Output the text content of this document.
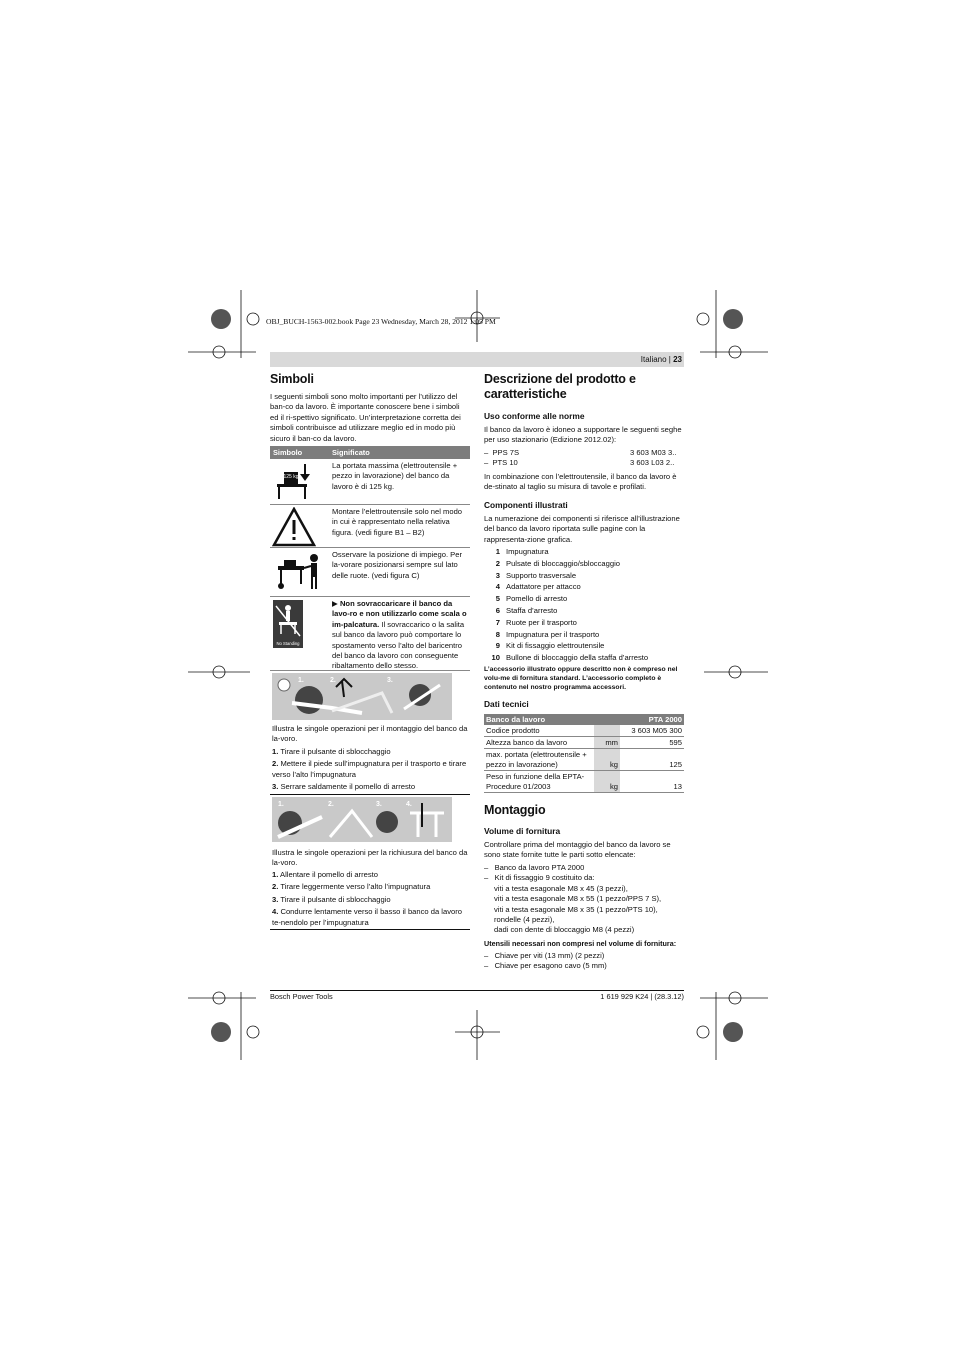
OBJ_BUCH-1563-002.book Page 23 Wednesday, March 28, 2012 1:05 PM
Italiano | 23
Simboli

I seguenti simboli sono molto importanti per l’utilizzo del ban-co da lavoro. È importante conoscere bene i simboli ed il ri-spettivo significato. Un’interpretazione corretta dei simboli contribuisce ad utilizzare meglio ed in modo più sicuro il ban-co da lavoro.

Simbolo	Significato
125 kg

La portata massima (elettroutensile + pezzo in lavorazione) del banco da lavoro è di 125 kg.

Montare l’elettroutensile solo nel modo in cui è rappresentato nella relativa figura. (vedi figure B1 – B2)

Osservare la posizione di impiego. Per la-vorare posizionarsi sempre sul lato delle ruote. (vedi figura C)

No Standing
▶ Non sovraccaricare il banco da lavo-ro e non utilizzarlo come scala o im-palcatura. Il sovraccarico o la salita sul banco da lavoro può comportare lo spostamento verso l’alto del baricentro del banco da lavoro con conseguente ribaltamento dello stesso.
1.	2.	3.

Illustra le singole operazioni per il montaggio del banco da la-voro.

1. Tirare il pulsante di sblocchaggio
2. Mettere il piede sull’impugnatura per il trasporto e tirare verso l’alto l’impugnatura
3. Serrare saldamente il pomello di arresto
1.	2.	3.	4.

Illustra le singole operazioni per la richiusura del banco da la-voro.

1. Allentare il pomello di arresto
2. Tirare leggermente verso l’alto l’impugnatura
3. Tirare il pulsante di sblocchaggio
4. Condurre lentamente verso il basso il banco da lavoro te-nendolo per l’impugnatura
Descrizione del prodotto e caratteristiche
Uso conforme alle norme

Il banco da lavoro è idoneo a supportare le seguenti seghe per uso stazionario (Edizione 2012.02):

–  PPS 7S	3 603 M03 3..
–  PTS 10	3 603 L03 2..

In combinazione con l’elettroutensile, il banco da lavoro è de-stinato al taglio su misura di tavole e profilati.

Componenti illustrati

La numerazione dei componenti si riferisce all’illustrazione del banco da lavoro riportata sulle pagine con la rappresenta-zione grafica.

1 Impugnatura
2 Pulsate di bloccaggio/sbloccaggio
3 Supporto trasversale
4 Adattatore per attacco
5 Pomello di arresto
6 Staffa d’arresto
7 Ruote per il trasporto
8 Impugnatura per il trasporto
9 Kit di fissaggio elettroutensile
10 Bullone di bloccaggio della staffa d’arresto

L’accessorio illustrato oppure descritto non è compreso nel volu-me di fornitura standard. L’accessorio completo è contenuto nel nostro programma accessori.

Dati tecnici
Banco da lavoro		PTA 2000
Codice prodotto		3 603 M05 300
Altezza banco da lavoro	mm	595
max. portata (elettroutensile + pezzo in lavorazione)	kg	125
Peso in funzione della EPTA-Procedure 01/2003	kg	13
Montaggio
Volume di fornitura

Controllare prima del montaggio del banco da lavoro se sono state fornite tutte le parti sotto elencate:

–   Banco da lavoro PTA 2000
–   Kit di fissaggio 9 costituito da:
viti a testa esagonale M8 x 45 (3 pezzi),
viti a testa esagonale M8 x 55 (1 pezzo/PPS 7 S),
viti a testa esagonale M8 x 35 (1 pezzo/PTS 10),
rondelle (4 pezzi),
dadi con dente di bloccaggio M8 (4 pezzi)

Utensili necessari non compresi nel volume di fornitura:

–   Chiave per viti (13 mm) (2 pezzi)
–   Chiave per esagono cavo (5 mm)
Bosch Power Tools	1 619 929 K24 | (28.3.12)
